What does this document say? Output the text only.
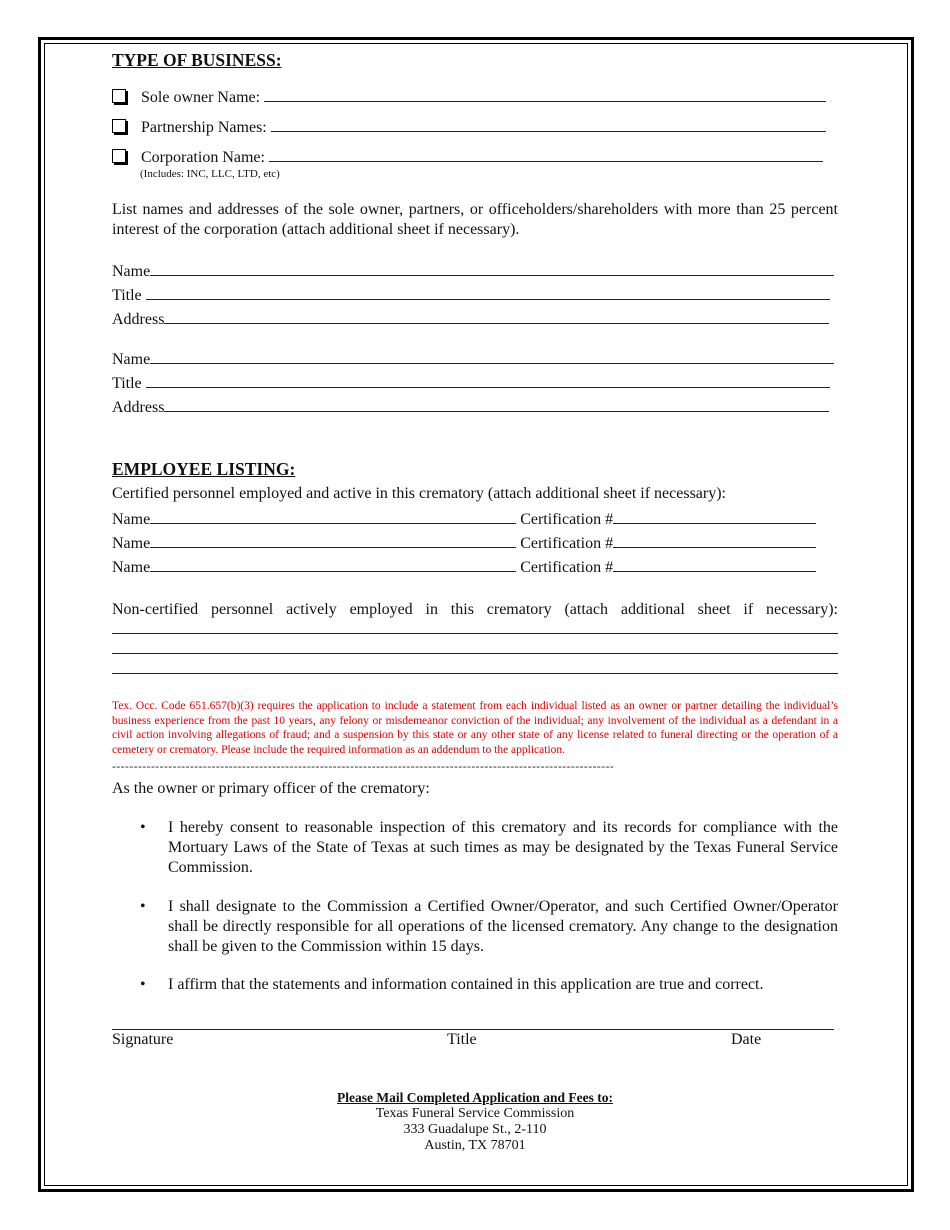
TYPE OF BUSINESS:
Sole owner Name:
Partnership Names:
Corporation Name:
(Includes: INC, LLC, LTD, etc)
List names and addresses of the sole owner, partners, or officeholders/shareholders with more than 25 percent interest of the corporation (attach additional sheet if necessary).
Name
Title
Address
Name
Title
Address
EMPLOYEE LISTING:
Certified personnel employed and active in this crematory (attach additional sheet if necessary):
Name	Certification #
Name	Certification #
Name	Certification #
Non-certified personnel actively employed in this crematory (attach additional sheet if necessary):
Tex. Occ. Code 651.657(b)(3) requires the application to include a statement from each individual listed as an owner or partner detailing the individual’s business experience from the past 10 years, any felony or misdemeanor conviction of the individual; any involvement of the individual as a defendant in a civil action involving allegations of fraud; and a suspension by this state or any other state of any license related to funeral directing or the operation of a cemetery or crematory. Please include the required information as an addendum to the application.
--------------------------------------------------------------------------------------------------------------------
As the owner or primary officer of the crematory:
• I hereby consent to reasonable inspection of this crematory and its records for compliance with the Mortuary Laws of the State of Texas at such times as may be designated by the Texas Funeral Service Commission.
• I shall designate to the Commission a Certified Owner/Operator, and such Certified Owner/Operator shall be directly responsible for all operations of the licensed crematory. Any change to the designation shall be given to the Commission within 15 days.
• I affirm that the statements and information contained in this application are true and correct.
Signature	Title	Date
Please Mail Completed Application and Fees to:
Texas Funeral Service Commission
333 Guadalupe St., 2-110
Austin, TX 78701
